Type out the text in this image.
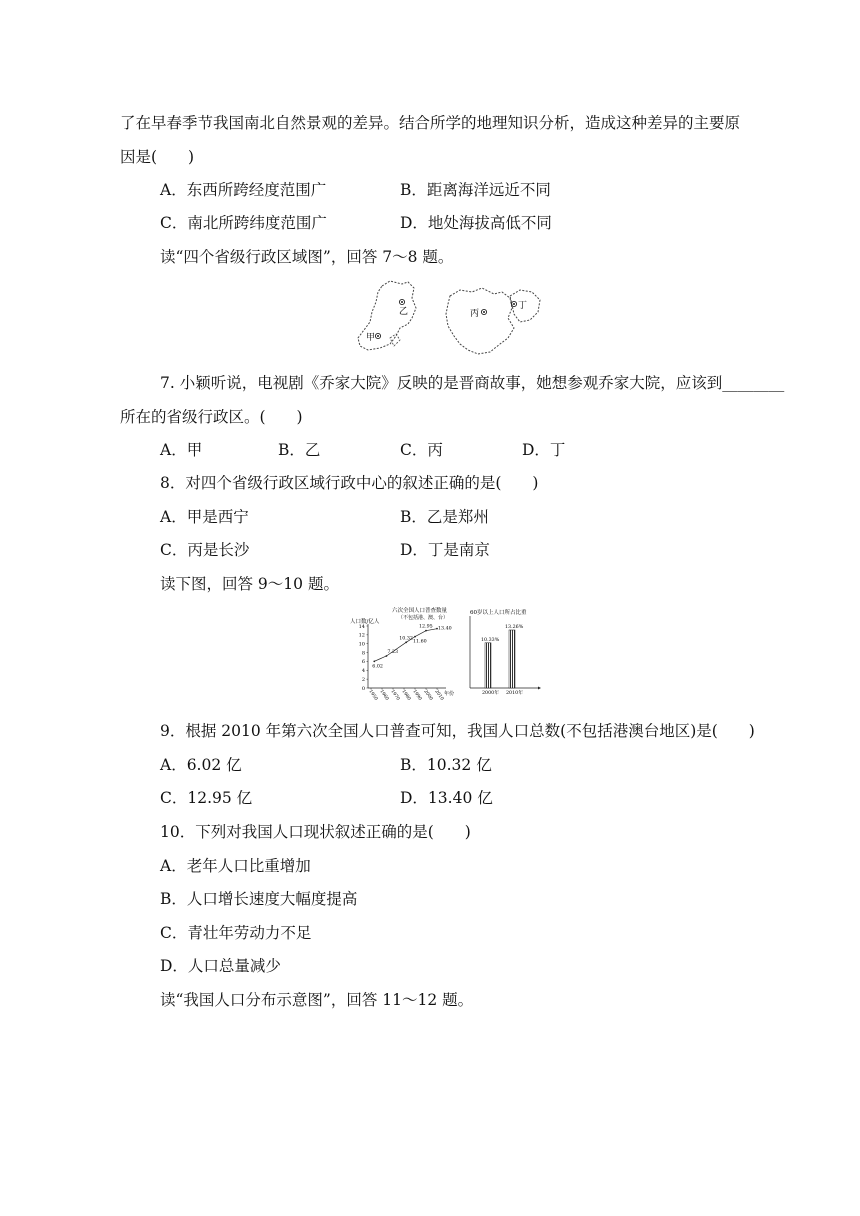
了在早春季节我国南北自然景观的差异。结合所学的地理知识分析，造成这种差异的主要原
因是(　　)
A．东西所跨经度范围广	B．距离海洋远近不同
C．南北所跨纬度范围广	D．地处海拔高低不同
读“四个省级行政区域图”，回答 7～8 题。
乙
甲
丙
丁
7. 小颖听说，电视剧《乔家大院》反映的是晋商故事，她想参观乔家大院，应该到________
所在的省级行政区。(　　)
A．甲	B．乙	C．丙	D．丁
8．对四个省级行政区域行政中心的叙述正确的是(　　)
A．甲是西宁	B．乙是郑州
C．丙是长沙	D．丁是南京
读下图，回答 9～10 题。
六次全国人口普查数量
（不包括港、澳、台）
人口数/亿人
0
2
4
6
8
10
12
14
1950 1960 1970 1980 1990 2000 2010
6.02
7.23
10.32
11.60
12.95 13.40
年份
60岁以上人口所占比重
10.33%
2000年
13.26%
2010年
9．根据 2010 年第六次全国人口普查可知，我国人口总数(不包括港澳台地区)是(　　)
A．6.02 亿	B．10.32 亿
C．12.95 亿	D．13.40 亿
10．下列对我国人口现状叙述正确的是(　　)
A．老年人口比重增加
B．人口增长速度大幅度提高
C．青壮年劳动力不足
D．人口总量减少
读“我国人口分布示意图”，回答 11～12 题。
